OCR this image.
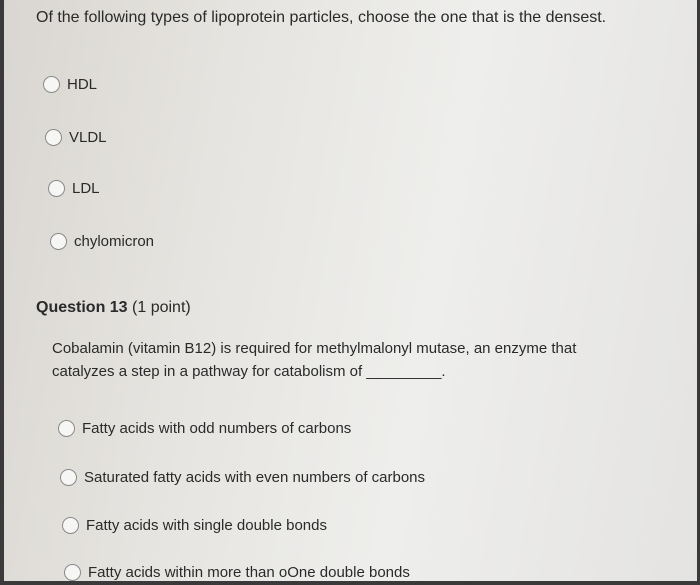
Of the following types of lipoprotein particles, choose the one that is the densest.
HDL
VLDL
LDL
chylomicron
Question 13 (1 point)
Cobalamin (vitamin B12) is required for methylmalonyl mutase, an enzyme that catalyzes a step in a pathway for catabolism of _________.
Fatty acids with odd numbers of carbons
Saturated fatty acids with even numbers of carbons
Fatty acids with single double bonds
Fatty acids within more than oOne double bonds
